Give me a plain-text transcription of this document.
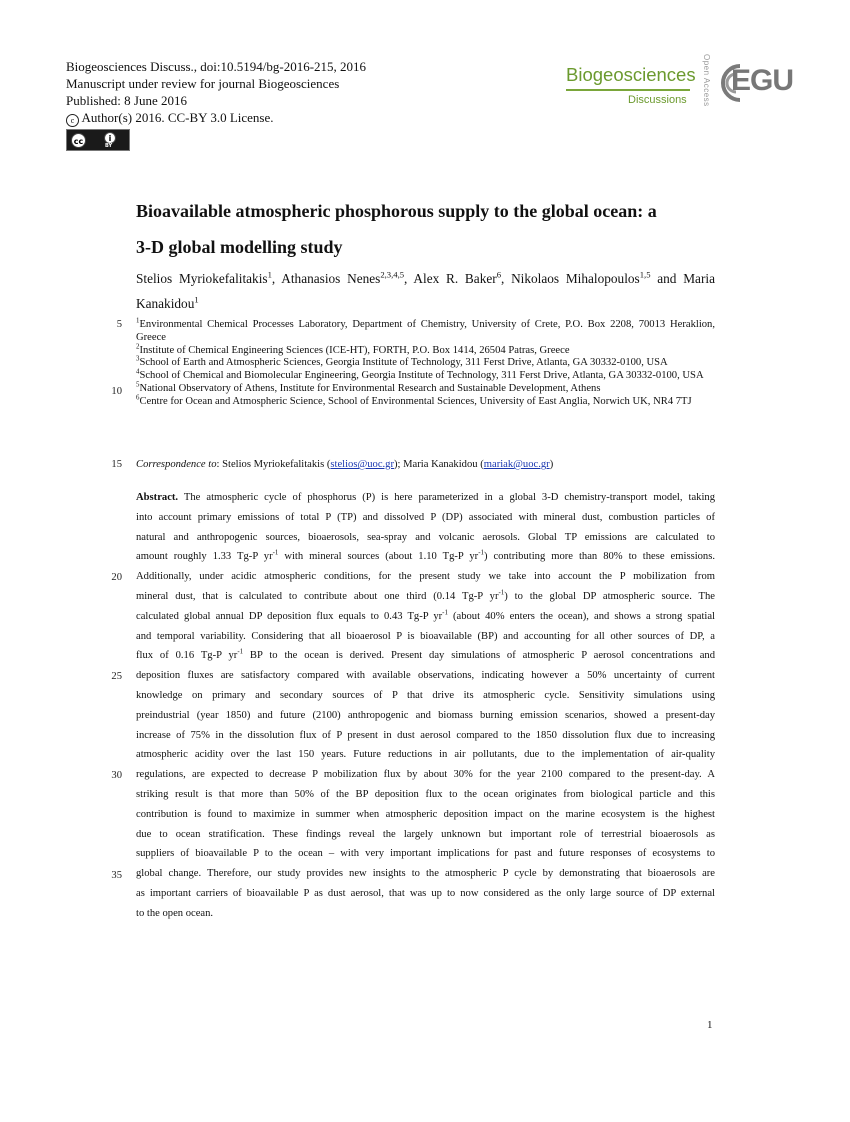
Biogeosciences Discuss., doi:10.5194/bg-2016-215, 2016
Manuscript under review for journal Biogeosciences
Published: 8 June 2016
c Author(s) 2016. CC-BY 3.0 License.
cc	i
BY
Biogeosciences
Discussions Open Access EGU
Bioavailable atmospheric phosphorous supply to the global ocean: a
3-D global modelling study
Stelios Myriokefalitakis$^1$, Athanasios Nenes$^{2,3,4,5}$, Alex R. Baker$^6$, Nikolaos Mihalopoulos$^{1,5}$ and Maria Kanakidou$^1$
5
10
15
20
25
30
35

$^1$Environmental Chemical Processes Laboratory, Department of Chemistry, University of Crete, P.O. Box 2208, 70013 Heraklion, Greece

$^2$Institute of Chemical Engineering Sciences (ICE-HT), FORTH, P.O. Box 1414, 26504 Patras, Greece

$^3$School of Earth and Atmospheric Sciences, Georgia Institute of Technology, 311 Ferst Drive, Atlanta, GA 30332-0100, USA

$^4$School of Chemical and Biomolecular Engineering, Georgia Institute of Technology, 311 Ferst Drive, Atlanta, GA 30332-0100, USA

$^5$National Observatory of Athens, Institute for Environmental Research and Sustainable Development, Athens

$^6$Centre for Ocean and Atmospheric Science, School of Environmental Sciences, University of East Anglia, Norwich UK, NR4 7TJ

Correspondence to: Stelios Myriokefalitakis (stelios@uoc.gr); Maria Kanakidou (mariak@uoc.gr)
Abstract. The atmospheric cycle of phosphorus (P) is here parameterized in a global 3-D chemistry-transport model, taking
into account primary emissions of total P (TP) and dissolved P (DP) associated with mineral dust, combustion particles of
natural and anthropogenic sources, bioaerosols, sea-spray and volcanic aerosols. Global TP emissions are calculated to
amount roughly 1.33 Tg-P $yr^{-1}$ with mineral sources (about 1.10 Tg-P $yr^{-1}$) contributing more than 80% to these emissions.
Additionally, under acidic atmospheric conditions, for the present study we take into account the P mobilization from
mineral dust, that is calculated to contribute about one third (0.14 Tg-P $yr^{-1}$) to the global DP atmospheric source. The
calculated global annual DP deposition flux equals to 0.43 Tg-P $yr^{-1}$ (about 40% enters the ocean), and shows a strong spatial
and temporal variability. Considering that all bioaerosol P is bioavailable (BP) and accounting for all other sources of DP, a
flux of 0.16 Tg-P $yr^{-1}$ BP to the ocean is derived. Present day simulations of atmospheric P aerosol concentrations and
deposition fluxes are satisfactory compared with available observations, indicating however a 50% uncertainty of current
knowledge on primary and secondary sources of P that drive its atmospheric cycle. Sensitivity simulations using
preindustrial (year 1850) and future (2100) anthropogenic and biomass burning emission scenarios, showed a present-day
increase of 75% in the dissolution flux of P present in dust aerosol compared to the 1850 dissolution flux due to increasing
atmospheric acidity over the last 150 years. Future reductions in air pollutants, due to the implementation of air-quality
regulations, are expected to decrease P mobilization flux by about 30% for the year 2100 compared to the present-day. A
striking result is that more than 50% of the BP deposition flux to the ocean originates from biological particle and this
contribution is found to maximize in summer when atmospheric deposition impact on the marine ecosystem is the highest
due to ocean stratification. These findings reveal the largely unknown but important role of terrestrial bioaerosols as
suppliers of bioavailable P to the ocean – with very important implications for past and future responses of ecosystems to
global change. Therefore, our study provides new insights to the atmospheric P cycle by demonstrating that bioaerosols are
as important carriers of bioavailable P as dust aerosol, that was up to now considered as the only large source of DP external
to the open ocean.
1
